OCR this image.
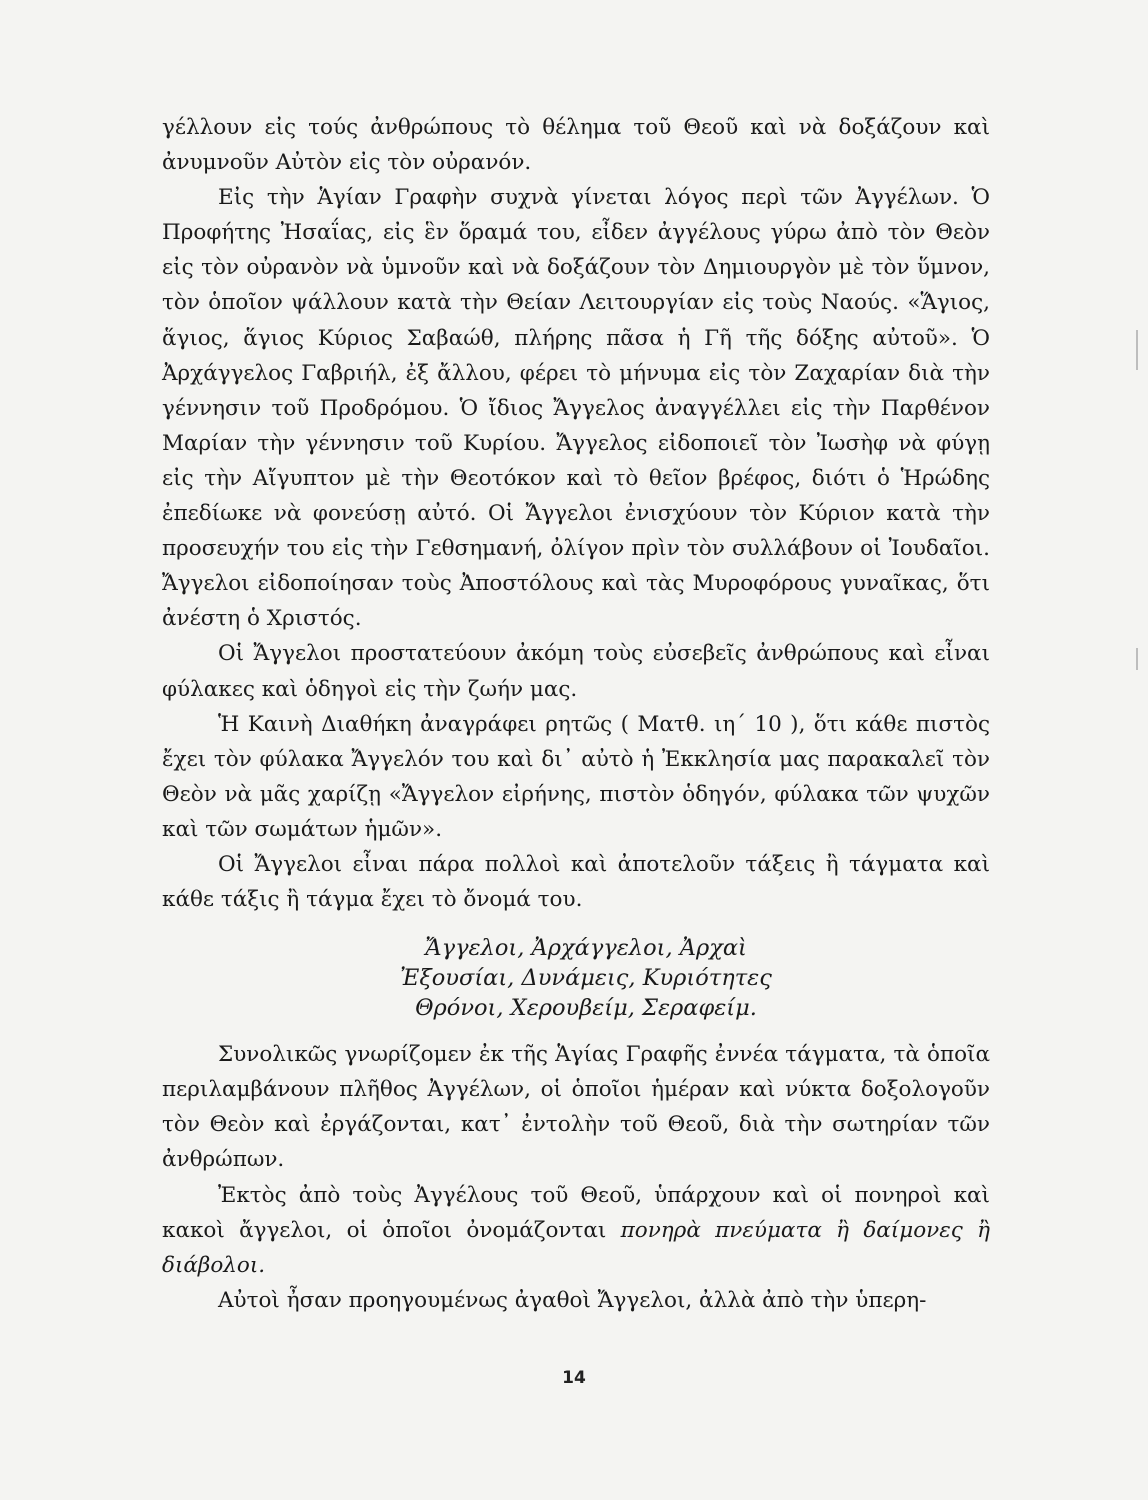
γέλλουν εἰς τούς ἀνθρώπους τὸ θέλημα τοῦ Θεοῦ καὶ νὰ δοξάζουν καὶ ἀνυμνοῦν Αὐτὸν εἰς τὸν οὐρανόν.

Εἰς τὴν Ἁγίαν Γραφὴν συχνὰ γίνεται λόγος περὶ τῶν Ἀγγέλων. Ὁ Προφήτης Ἠσαΐας, εἰς ἓν ὅραμά του, εἶδεν ἀγγέλους γύρω ἀπὸ τὸν Θεὸν εἰς τὸν οὐρανὸν νὰ ὑμνοῦν καὶ νὰ δοξάζουν τὸν Δημιουργὸν μὲ τὸν ὕμνον, τὸν ὁποῖον ψάλλουν κατὰ τὴν Θείαν Λειτουργίαν εἰς τοὺς Ναούς. «Ἅγιος, ἅγιος, ἅγιος Κύριος Σαβαώθ, πλήρης πᾶσα ἡ Γῆ τῆς δόξης αὐτοῦ». Ὁ Ἀρχάγγελος Γαβριήλ, ἐξ ἄλλου, φέρει τὸ μήνυμα εἰς τὸν Ζαχαρίαν διὰ τὴν γέννησιν τοῦ Προδρόμου. Ὁ ἴδιος Ἄγγελος ἀναγγέλλει εἰς τὴν Παρθένον Μαρίαν τὴν γέννησιν τοῦ Κυρίου. Ἄγγελος εἰδοποιεῖ τὸν Ἰωσὴφ νὰ φύγῃ εἰς τὴν Αἴγυπτον μὲ τὴν Θεοτόκον καὶ τὸ θεῖον βρέφος, διότι ὁ Ἡρώδης ἐπεδίωκε νὰ φονεύσῃ αὐτό. Οἱ Ἄγγελοι ἐνισχύουν τὸν Κύριον κατὰ τὴν προσευχήν του εἰς τὴν Γεθσημανή, ὀλίγον πρὶν τὸν συλλάβουν οἱ Ἰουδαῖοι. Ἄγγελοι εἰδοποίησαν τοὺς Ἀποστόλους καὶ τὰς Μυροφόρους γυναῖκας, ὅτι ἀνέστη ὁ Χριστός.

Οἱ Ἄγγελοι προστατεύουν ἀκόμη τοὺς εὐσεβεῖς ἀνθρώπους καὶ εἶναι φύλακες καὶ ὁδηγοὶ εἰς τὴν ζωήν μας.

Ἡ Καινὴ Διαθήκη ἀναγράφει ρητῶς ( Ματθ. ιη΄ 10 ), ὅτι κάθε πιστὸς ἔχει τὸν φύλακα Ἄγγελόν του καὶ δι᾽ αὐτὸ ἡ Ἐκκλησία μας παρακαλεῖ τὸν Θεὸν νὰ μᾶς χαρίζῃ «Ἄγγελον εἰρήνης, πιστὸν ὁδηγόν, φύλακα τῶν ψυχῶν καὶ τῶν σωμάτων ἡμῶν».

Οἱ Ἄγγελοι εἶναι πάρα πολλοὶ καὶ ἀποτελοῦν τάξεις ἢ τάγματα καὶ κάθε τάξις ἢ τάγμα ἔχει τὸ ὄνομά του.

Ἄγγελοι, Ἀρχάγγελοι, Ἀρχαὶ
Ἐξουσίαι, Δυνάμεις, Κυριότητες
Θρόνοι, Χερουβείμ, Σεραφείμ.

Συνολικῶς γνωρίζομεν ἐκ τῆς Ἁγίας Γραφῆς ἐννέα τάγματα, τὰ ὁποῖα περιλαμβάνουν πλῆθος Ἀγγέλων, οἱ ὁποῖοι ἡμέραν καὶ νύκτα δοξολογοῦν τὸν Θεὸν καὶ ἐργάζονται, κατ᾽ ἐντολὴν τοῦ Θεοῦ, διὰ τὴν σωτηρίαν τῶν ἀνθρώπων.

Ἐκτὸς ἀπὸ τοὺς Ἀγγέλους τοῦ Θεοῦ, ὑπάρχουν καὶ οἱ πονηροὶ καὶ κακοὶ ἄγγελοι, οἱ ὁποῖοι ὀνομάζονται πονηρὰ πνεύματα ἢ δαίμονες ἢ διάβολοι.

Αὐτοὶ ἦσαν προηγουμένως ἀγαθοὶ Ἄγγελοι, ἀλλὰ ἀπὸ τὴν ὑπερη-

14
